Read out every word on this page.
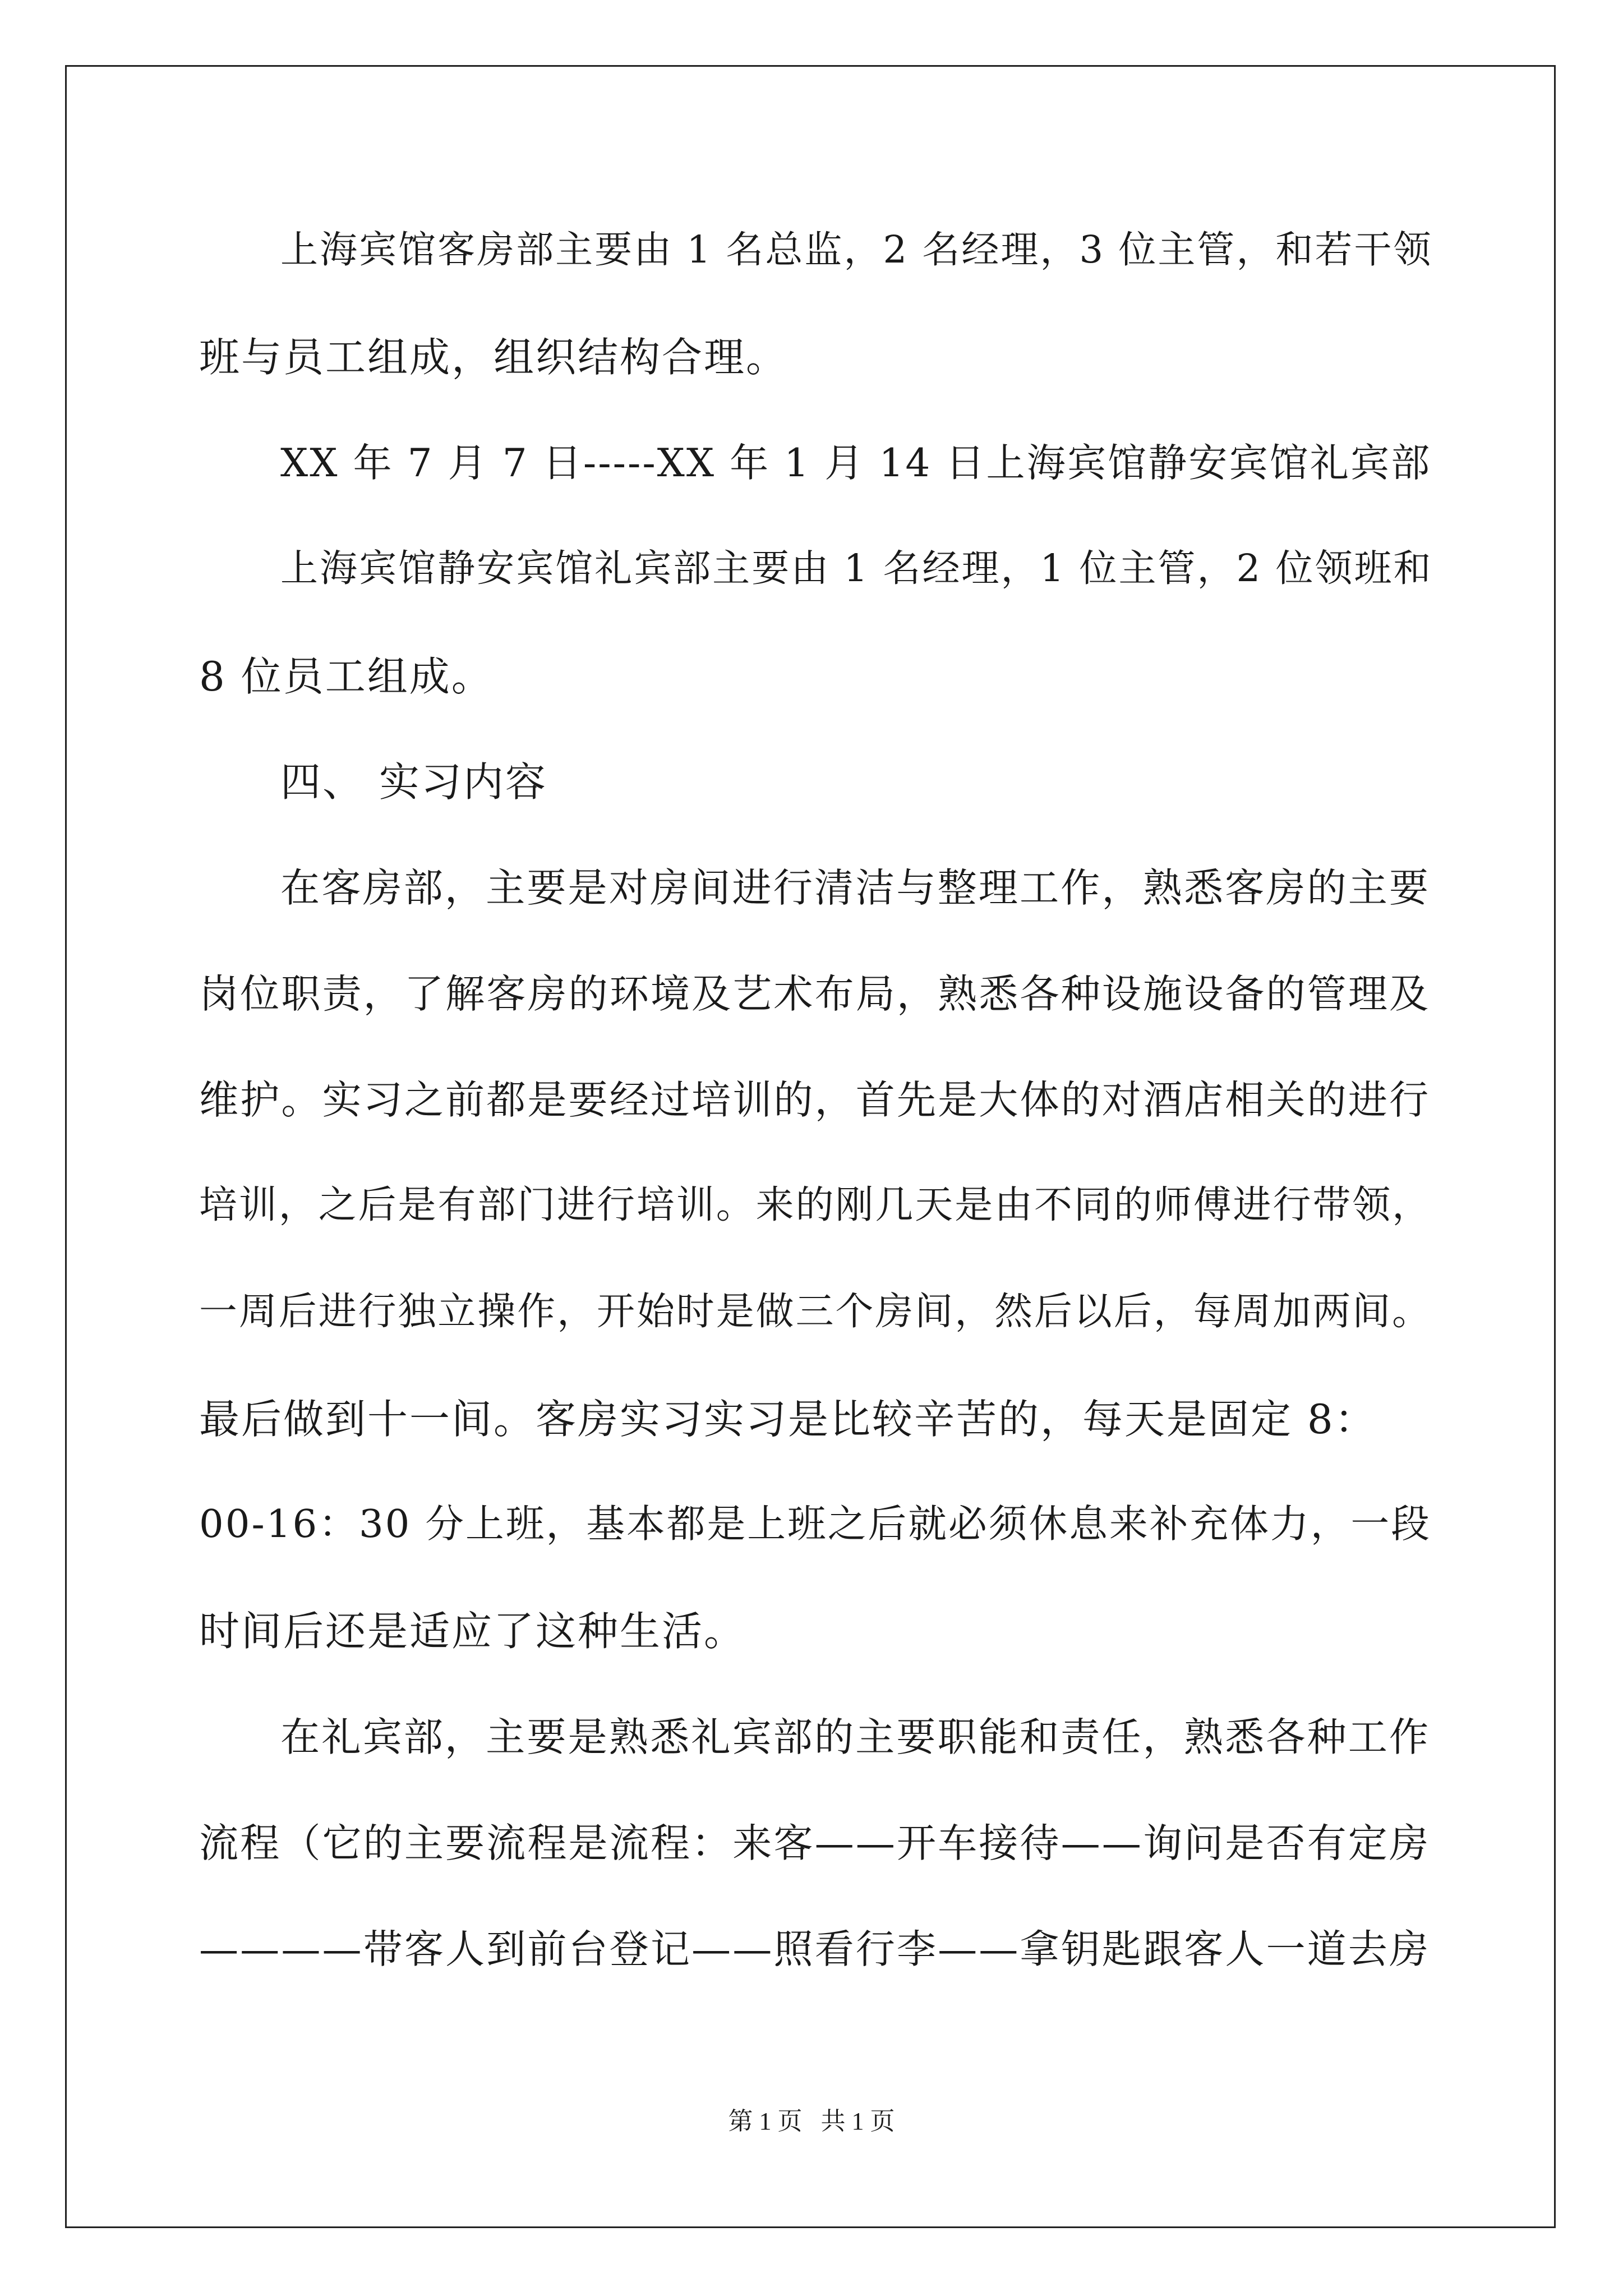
上海宾馆客房部主要由 1 名总监，2 名经理，3 位主管，和若干领
班与员工组成，组织结构合理。
XX 年 7 月 7 日-----XX 年 1 月 14 日上海宾馆静安宾馆礼宾部
上海宾馆静安宾馆礼宾部主要由 1 名经理，1 位主管，2 位领班和
8 位员工组成。
四、 实习内容
在客房部，主要是对房间进行清洁与整理工作，熟悉客房的主要
岗位职责，了解客房的环境及艺术布局，熟悉各种设施设备的管理及
维护。实习之前都是要经过培训的，首先是大体的对酒店相关的进行
培训，之后是有部门进行培训。来的刚几天是由不同的师傅进行带领，
一周后进行独立操作，开始时是做三个房间，然后以后，每周加两间。
最后做到十一间。客房实习实习是比较辛苦的，每天是固定 8：
00-16：30 分上班，基本都是上班之后就必须休息来补充体力，一段
时间后还是适应了这种生活。
在礼宾部，主要是熟悉礼宾部的主要职能和责任，熟悉各种工作
流程（它的主要流程是流程：来客——开车接待——询问是否有定房
————带客人到前台登记——照看行李——拿钥匙跟客人一道去房
第 1 页   共 1 页
